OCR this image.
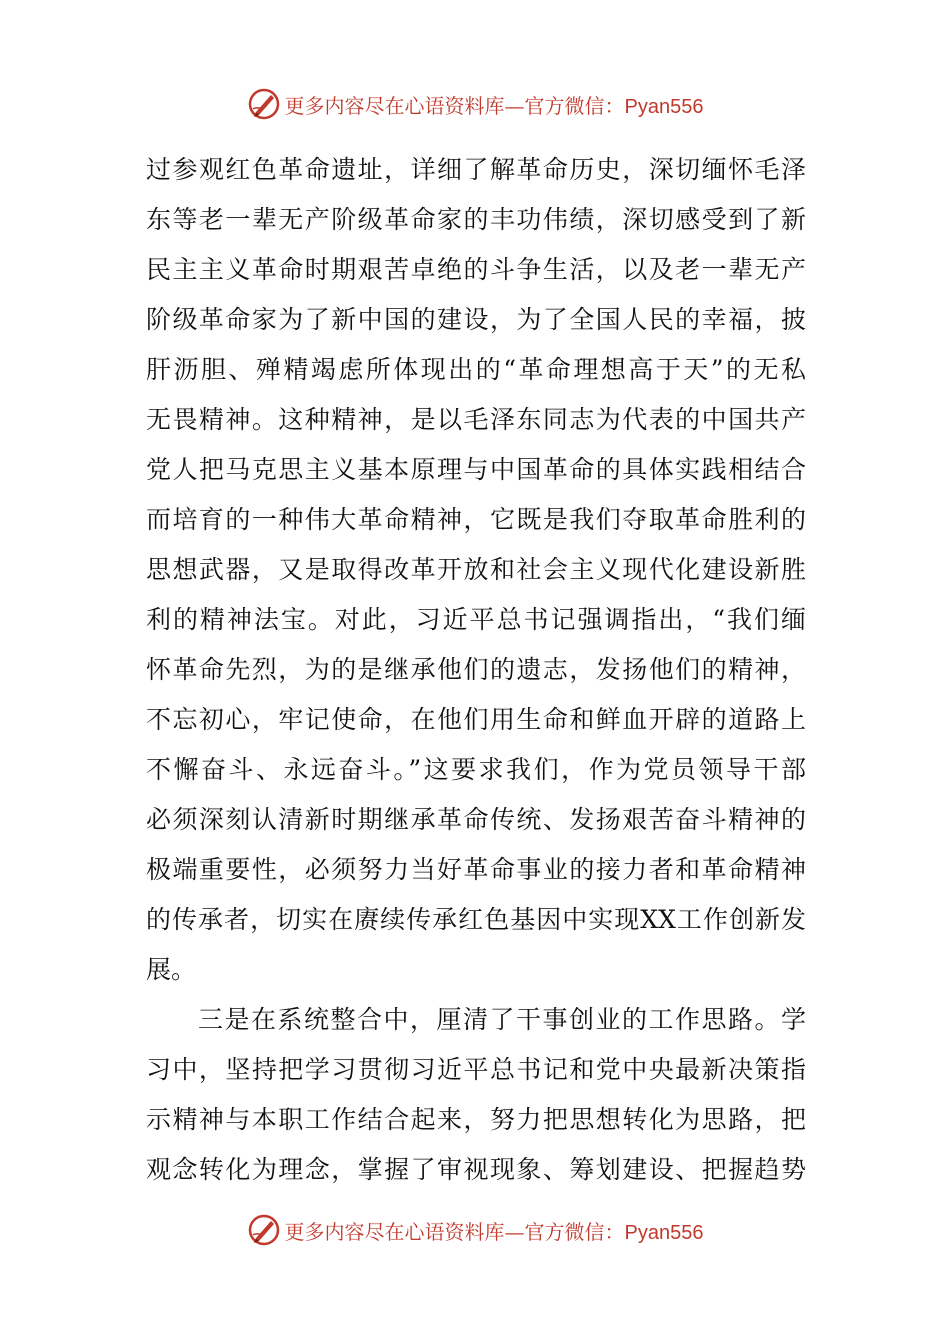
更多内容尽在心语资料库—官方微信：Pyan556
过参观红色革命遗址，详细了解革命历史，深切缅怀毛泽
东等老一辈无产阶级革命家的丰功伟绩，深切感受到了新
民主主义革命时期艰苦卓绝的斗争生活，以及老一辈无产
阶级革命家为了新中国的建设，为了全国人民的幸福，披
肝沥胆、殚精竭虑所体现出的“革命理想高于天”的无私
无畏精神。这种精神，是以毛泽东同志为代表的中国共产
党人把马克思主义基本原理与中国革命的具体实践相结合
而培育的一种伟大革命精神，它既是我们夺取革命胜利的
思想武器，又是取得改革开放和社会主义现代化建设新胜
利的精神法宝。对此，习近平总书记强调指出，“我们缅
怀革命先烈，为的是继承他们的遗志，发扬他们的精神，
不忘初心，牢记使命，在他们用生命和鲜血开辟的道路上
不懈奋斗、永远奋斗。”这要求我们，作为党员领导干部
必须深刻认清新时期继承革命传统、发扬艰苦奋斗精神的
极端重要性，必须努力当好革命事业的接力者和革命精神
的传承者，切实在赓续传承红色基因中实现XX工作创新发
展。
三是在系统整合中，厘清了干事创业的工作思路。学
习中，坚持把学习贯彻习近平总书记和党中央最新决策指
示精神与本职工作结合起来，努力把思想转化为思路，把
观念转化为理念，掌握了审视现象、筹划建设、把握趋势
更多内容尽在心语资料库—官方微信：Pyan556
